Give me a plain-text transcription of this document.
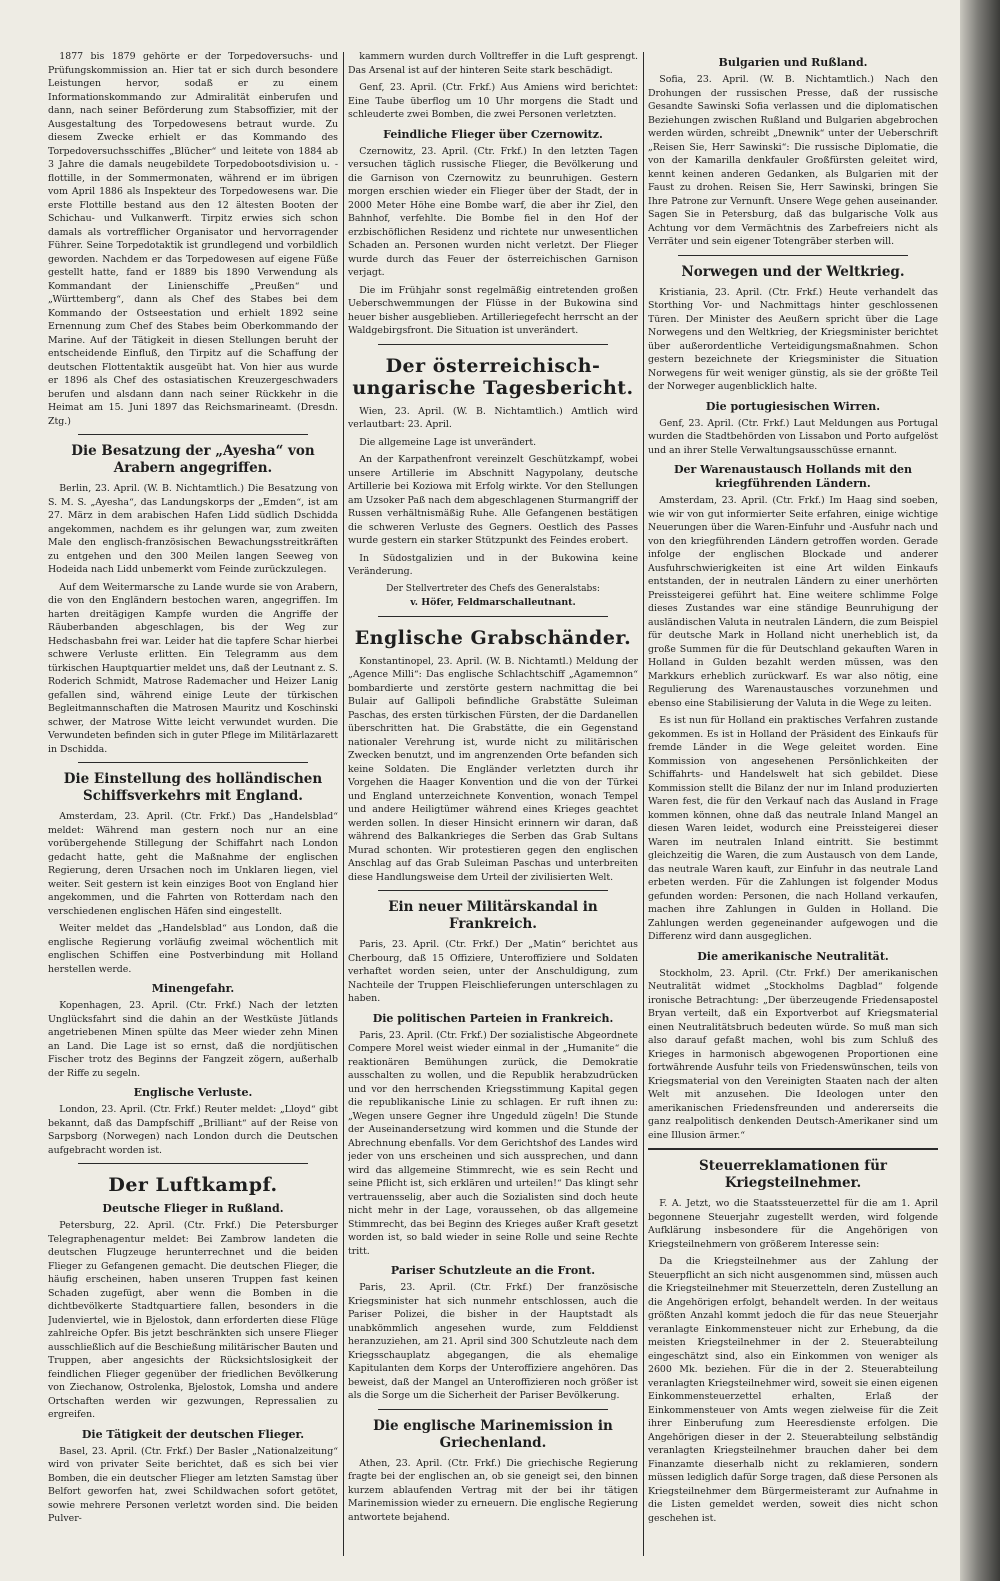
1877 bis 1879 gehörte er der Torpedoversuchs- und Prüfungskommission an. Hier tat er sich durch besondere Leistungen hervor, sodaß er zu einem Informationskommando zur Admiralität einberufen und dann, nach seiner Beförderung zum Stabsoffizier, mit der Ausgestaltung des Torpedowesens betraut wurde. Zu diesem Zwecke erhielt er das Kommando des Torpedoversuchsschiffes „Blücher“ und leitete von 1884 ab 3 Jahre die damals neugebildete Torpedobootsdivision u. -flottille, in der Sommermonaten, während er im übrigen vom April 1886 als Inspekteur des Torpedowesens war. Die erste Flottille bestand aus den 12 ältesten Booten der Schichau- und Vulkanwerft. Tirpitz erwies sich schon damals als vortrefflicher Organisator und hervorragender Führer. Seine Torpedotaktik ist grundlegend und vorbildlich geworden. Nachdem er das Torpedowesen auf eigene Füße gestellt hatte, fand er 1889 bis 1890 Verwendung als Kommandant der Linienschiffe „Preußen“ und „Württemberg“, dann als Chef des Stabes bei dem Kommando der Ostseestation und erhielt 1892 seine Ernennung zum Chef des Stabes beim Oberkommando der Marine. Auf der Tätigkeit in diesen Stellungen beruht der entscheidende Einfluß, den Tirpitz auf die Schaffung der deutschen Flottentaktik ausgeübt hat. Von hier aus wurde er 1896 als Chef des ostasiatischen Kreuzergeschwaders berufen und alsdann dann nach seiner Rückkehr in die Heimat am 15. Juni 1897 das Reichsmarineamt. (Dresdn. Ztg.)

Die Besatzung der „Ayesha“ von Arabern angegriffen.

Berlin, 23. April. (W. B. Nichtamtlich.) Die Besatzung von S. M. S. „Ayesha“, das Landungskorps der „Emden“, ist am 27. März in dem arabischen Hafen Lidd südlich Dschidda angekommen, nachdem es ihr gelungen war, zum zweiten Male den englisch-französischen Bewachungsstreitkräften zu entgehen und den 300 Meilen langen Seeweg von Hodeida nach Lidd unbemerkt vom Feinde zurückzulegen.

Auf dem Weitermarsche zu Lande wurde sie von Arabern, die von den Engländern bestochen waren, angegriffen. Im harten dreitägigen Kampfe wurden die Angriffe der Räuberbanden abgeschlagen, bis der Weg zur Hedschasbahn frei war. Leider hat die tapfere Schar hierbei schwere Verluste erlitten. Ein Telegramm aus dem türkischen Hauptquartier meldet uns, daß der Leutnant z. S. Roderich Schmidt, Matrose Rademacher und Heizer Lanig gefallen sind, während einige Leute der türkischen Begleitmannschaften die Matrosen Mauritz und Koschinski schwer, der Matrose Witte leicht verwundet wurden. Die Verwundeten befinden sich in guter Pflege im Militärlazarett in Dschidda.

Die Einstellung des holländischen Schiffsverkehrs mit England.

Amsterdam, 23. April. (Ctr. Frkf.) Das „Handelsblad“ meldet: Während man gestern noch nur an eine vorübergehende Stillegung der Schiffahrt nach London gedacht hatte, geht die Maßnahme der englischen Regierung, deren Ursachen noch im Unklaren liegen, viel weiter. Seit gestern ist kein einziges Boot von England hier angekommen, und die Fahrten von Rotterdam nach den verschiedenen englischen Häfen sind eingestellt.

Weiter meldet das „Handelsblad“ aus London, daß die englische Regierung vorläufig zweimal wöchentlich mit englischen Schiffen eine Postverbindung mit Holland herstellen werde.

Minengefahr.

Kopenhagen, 23. April. (Ctr. Frkf.) Nach der letzten Unglücksfahrt sind die dahin an der Westküste Jütlands angetriebenen Minen spülte das Meer wieder zehn Minen an Land. Die Lage ist so ernst, daß die nordjütischen Fischer trotz des Beginns der Fangzeit zögern, außerhalb der Riffe zu segeln.

Englische Verluste.

London, 23. April. (Ctr. Frkf.) Reuter meldet: „Lloyd“ gibt bekannt, daß das Dampfschiff „Brilliant“ auf der Reise von Sarpsborg (Norwegen) nach London durch die Deutschen aufgebracht worden ist.

Der Luftkampf.
Deutsche Flieger in Rußland.

Petersburg, 22. April. (Ctr. Frkf.) Die Petersburger Telegraphenagentur meldet: Bei Zambrow landeten die deutschen Flugzeuge herunterrechnet und die beiden Flieger zu Gefangenen gemacht. Die deutschen Flieger, die häufig erscheinen, haben unseren Truppen fast keinen Schaden zugefügt, aber wenn die Bomben in die dichtbevölkerte Stadtquartiere fallen, besonders in die Judenviertel, wie in Bjelostok, dann erforderten diese Flüge zahlreiche Opfer. Bis jetzt beschränkten sich unsere Flieger ausschließlich auf die Beschießung militärischer Bauten und Truppen, aber angesichts der Rücksichtslosigkeit der feindlichen Flieger gegenüber der friedlichen Bevölkerung von Ziechanow, Ostrolenka, Bjelostok, Lomsha und andere Ortschaften werden wir gezwungen, Repressalien zu ergreifen.

Die Tätigkeit der deutschen Flieger.

Basel, 23. April. (Ctr. Frkf.) Der Basler „Nationalzeitung“ wird von privater Seite berichtet, daß es sich bei vier Bomben, die ein deutscher Flieger am letzten Samstag über Belfort geworfen hat, zwei Schildwachen sofort getötet, sowie mehrere Personen verletzt worden sind. Die beiden Pulver-

kammern wurden durch Volltreffer in die Luft gesprengt. Das Arsenal ist auf der hinteren Seite stark beschädigt.

Genf, 23. April. (Ctr. Frkf.) Aus Amiens wird berichtet: Eine Taube überflog um 10 Uhr morgens die Stadt und schleuderte zwei Bomben, die zwei Personen verletzten.

Feindliche Flieger über Czernowitz.

Czernowitz, 23. April. (Ctr. Frkf.) In den letzten Tagen versuchen täglich russische Flieger, die Bevölkerung und die Garnison von Czernowitz zu beunruhigen. Gestern morgen erschien wieder ein Flieger über der Stadt, der in 2000 Meter Höhe eine Bombe warf, die aber ihr Ziel, den Bahnhof, verfehlte. Die Bombe fiel in den Hof der erzbischöflichen Residenz und richtete nur unwesentlichen Schaden an. Personen wurden nicht verletzt. Der Flieger wurde durch das Feuer der österreichischen Garnison verjagt.

Die im Frühjahr sonst regelmäßig eintretenden großen Ueberschwemmungen der Flüsse in der Bukowina sind heuer bisher ausgeblieben. Artilleriegefecht herrscht an der Waldgebirgsfront. Die Situation ist unverändert.

Der österreichisch-ungarische Tagesbericht.

Wien, 23. April. (W. B. Nichtamtlich.) Amtlich wird verlautbart: 23. April.

Die allgemeine Lage ist unverändert.

An der Karpathenfront vereinzelt Geschützkampf, wobei unsere Artillerie im Abschnitt Nagypolany, deutsche Artillerie bei Koziowa mit Erfolg wirkte. Vor den Stellungen am Uzsoker Paß nach dem abgeschlagenen Sturmangriff der Russen verhältnismäßig Ruhe. Alle Gefangenen bestätigen die schweren Verluste des Gegners. Oestlich des Passes wurde gestern ein starker Stützpunkt des Feindes erobert.

In Südostgalizien und in der Bukowina keine Veränderung.

Der Stellvertreter des Chefs des Generalstabs:

v. Höfer, Feldmarschalleutnant.

Englische Grabschänder.

Konstantinopel, 23. April. (W. B. Nichtamtl.) Meldung der „Agence Milli“: Das englische Schlachtschiff „Agamemnon“ bombardierte und zerstörte gestern nachmittag die bei Bulair auf Gallipoli befindliche Grabstätte Suleiman Paschas, des ersten türkischen Fürsten, der die Dardanellen überschritten hat. Die Grabstätte, die ein Gegenstand nationaler Verehrung ist, wurde nicht zu militärischen Zwecken benutzt, und im angrenzenden Orte befanden sich keine Soldaten. Die Engländer verletzten durch ihr Vorgehen die Haager Konvention und die von der Türkei und England unterzeichnete Konvention, wonach Tempel und andere Heiligtümer während eines Krieges geachtet werden sollen. In dieser Hinsicht erinnern wir daran, daß während des Balkankrieges die Serben das Grab Sultans Murad schonten. Wir protestieren gegen den englischen Anschlag auf das Grab Suleiman Paschas und unterbreiten diese Handlungsweise dem Urteil der zivilisierten Welt.

Ein neuer Militärskandal in Frankreich.

Paris, 23. April. (Ctr. Frkf.) Der „Matin“ berichtet aus Cherbourg, daß 15 Offiziere, Unteroffiziere und Soldaten verhaftet worden seien, unter der Anschuldigung, zum Nachteile der Truppen Fleischlieferungen unterschlagen zu haben.

Die politischen Parteien in Frankreich.

Paris, 23. April. (Ctr. Frkf.) Der sozialistische Abgeordnete Compere Morel weist wieder einmal in der „Humanite“ die reaktionären Bemühungen zurück, die Demokratie ausschalten zu wollen, und die Republik herabzudrücken und vor den herrschenden Kriegsstimmung Kapital gegen die republikanische Linie zu schlagen. Er ruft ihnen zu: „Wegen unsere Gegner ihre Ungeduld zügeln! Die Stunde der Auseinandersetzung wird kommen und die Stunde der Abrechnung ebenfalls. Vor dem Gerichtshof des Landes wird jeder von uns erscheinen und sich aussprechen, und dann wird das allgemeine Stimmrecht, wie es sein Recht und seine Pflicht ist, sich erklären und urteilen!“ Das klingt sehr vertrauensselig, aber auch die Sozialisten sind doch heute nicht mehr in der Lage, voraussehen, ob das allgemeine Stimmrecht, das bei Beginn des Krieges außer Kraft gesetzt worden ist, so bald wieder in seine Rolle und seine Rechte tritt.

Pariser Schutzleute an die Front.

Paris, 23. April. (Ctr. Frkf.) Der französische Kriegsminister hat sich nunmehr entschlossen, auch die Pariser Polizei, die bisher in der Hauptstadt als unabkömmlich angesehen wurde, zum Felddienst heranzuziehen, am 21. April sind 300 Schutzleute nach dem Kriegsschauplatz abgegangen, die als ehemalige Kapitulanten dem Korps der Unteroffiziere angehören. Das beweist, daß der Mangel an Unteroffizieren noch größer ist als die Sorge um die Sicherheit der Pariser Bevölkerung.

Die englische Marinemission in Griechenland.

Athen, 23. April. (Ctr. Frkf.) Die griechische Regierung fragte bei der englischen an, ob sie geneigt sei, den binnen kurzem ablaufenden Vertrag mit der bei ihr tätigen Marinemission wieder zu erneuern. Die englische Regierung antwortete bejahend.

Bulgarien und Rußland.

Sofia, 23. April. (W. B. Nichtamtlich.) Nach den Drohungen der russischen Presse, daß der russische Gesandte Sawinski Sofia verlassen und die diplomatischen Beziehungen zwischen Rußland und Bulgarien abgebrochen werden würden, schreibt „Dnewnik“ unter der Ueberschrift „Reisen Sie, Herr Sawinski“: Die russische Diplomatie, die von der Kamarilla denkfauler Großfürsten geleitet wird, kennt keinen anderen Gedanken, als Bulgarien mit der Faust zu drohen. Reisen Sie, Herr Sawinski, bringen Sie Ihre Patrone zur Vernunft. Unsere Wege gehen auseinander. Sagen Sie in Petersburg, daß das bulgarische Volk aus Achtung vor dem Vermächtnis des Zarbefreiers nicht als Verräter und sein eigener Totengräber sterben will.

Norwegen und der Weltkrieg.

Kristiania, 23. April. (Ctr. Frkf.) Heute verhandelt das Storthing Vor- und Nachmittags hinter geschlossenen Türen. Der Minister des Aeußern spricht über die Lage Norwegens und den Weltkrieg, der Kriegsminister berichtet über außerordentliche Verteidigungsmaßnahmen. Schon gestern bezeichnete der Kriegsminister die Situation Norwegens für weit weniger günstig, als sie der größte Teil der Norweger augenblicklich halte.

Die portugiesischen Wirren.

Genf, 23. April. (Ctr. Frkf.) Laut Meldungen aus Portugal wurden die Stadtbehörden von Lissabon und Porto aufgelöst und an ihrer Stelle Verwaltungsausschüsse ernannt.

Der Warenaustausch Hollands mit den kriegführenden Ländern.

Amsterdam, 23. April. (Ctr. Frkf.) Im Haag sind soeben, wie wir von gut informierter Seite erfahren, einige wichtige Neuerungen über die Waren-Einfuhr und -Ausfuhr nach und von den kriegführenden Ländern getroffen worden. Gerade infolge der englischen Blockade und anderer Ausfuhrschwierigkeiten ist eine Art wilden Einkaufs entstanden, der in neutralen Ländern zu einer unerhörten Preissteigerei geführt hat. Eine weitere schlimme Folge dieses Zustandes war eine ständige Beunruhigung der ausländischen Valuta in neutralen Ländern, die zum Beispiel für deutsche Mark in Holland nicht unerheblich ist, da große Summen für die für Deutschland gekauften Waren in Holland in Gulden bezahlt werden müssen, was den Markkurs erheblich zurückwarf. Es war also nötig, eine Regulierung des Warenaustausches vorzunehmen und ebenso eine Stabilisierung der Valuta in die Wege zu leiten.

Es ist nun für Holland ein praktisches Verfahren zustande gekommen. Es ist in Holland der Präsident des Einkaufs für fremde Länder in die Wege geleitet worden. Eine Kommission von angesehenen Persönlichkeiten der Schiffahrts- und Handelswelt hat sich gebildet. Diese Kommission stellt die Bilanz der nur im Inland produzierten Waren fest, die für den Verkauf nach das Ausland in Frage kommen können, ohne daß das neutrale Inland Mangel an diesen Waren leidet, wodurch eine Preissteigerei dieser Waren im neutralen Inland eintritt. Sie bestimmt gleichzeitig die Waren, die zum Austausch von dem Lande, das neutrale Waren kauft, zur Einfuhr in das neutrale Land erbeten werden. Für die Zahlungen ist folgender Modus gefunden worden: Personen, die nach Holland verkaufen, machen ihre Zahlungen in Gulden in Holland. Die Zahlungen werden gegeneinander aufgewogen und die Differenz wird dann ausgeglichen.

Die amerikanische Neutralität.

Stockholm, 23. April. (Ctr. Frkf.) Der amerikanischen Neutralität widmet „Stockholms Dagblad“ folgende ironische Betrachtung: „Der überzeugende Friedensapostel Bryan verteilt, daß ein Exportverbot auf Kriegsmaterial einen Neutralitätsbruch bedeuten würde. So muß man sich also darauf gefaßt machen, wohl bis zum Schluß des Krieges in harmonisch abgewogenen Proportionen eine fortwährende Ausfuhr teils von Friedenswünschen, teils von Kriegsmaterial von den Vereinigten Staaten nach der alten Welt mit anzusehen. Die Ideologen unter den amerikanischen Friedensfreunden und andererseits die ganz realpolitisch denkenden Deutsch-Amerikaner sind um eine Illusion ärmer.“

Steuerreklamationen für Kriegsteilnehmer.

F. A. Jetzt, wo die Staatssteuerzettel für die am 1. April begonnene Steuerjahr zugestellt werden, wird folgende Aufklärung insbesondere für die Angehörigen von Kriegsteilnehmern von größerem Interesse sein:

Da die Kriegsteilnehmer aus der Zahlung der Steuerpflicht an sich nicht ausgenommen sind, müssen auch die Kriegsteilnehmer mit Steuerzetteln, deren Zustellung an die Angehörigen erfolgt, behandelt werden. In der weitaus größten Anzahl kommt jedoch die für das neue Steuerjahr veranlagte Einkommensteuer nicht zur Erhebung, da die meisten Kriegsteilnehmer in der 2. Steuerabteilung eingeschätzt sind, also ein Einkommen von weniger als 2600 Mk. beziehen. Für die in der 2. Steuerabteilung veranlagten Kriegsteilnehmer wird, soweit sie einen eigenen Einkommensteuerzettel erhalten, Erlaß der Einkommensteuer von Amts wegen zielweise für die Zeit ihrer Einberufung zum Heeresdienste erfolgen. Die Angehörigen dieser in der 2. Steuerabteilung selbständig veranlagten Kriegsteilnehmer brauchen daher bei dem Finanzamte dieserhalb nicht zu reklamieren, sondern müssen lediglich dafür Sorge tragen, daß diese Personen als Kriegsteilnehmer dem Bürgermeisteramt zur Aufnahme in die Listen gemeldet werden, soweit dies nicht schon geschehen ist.
